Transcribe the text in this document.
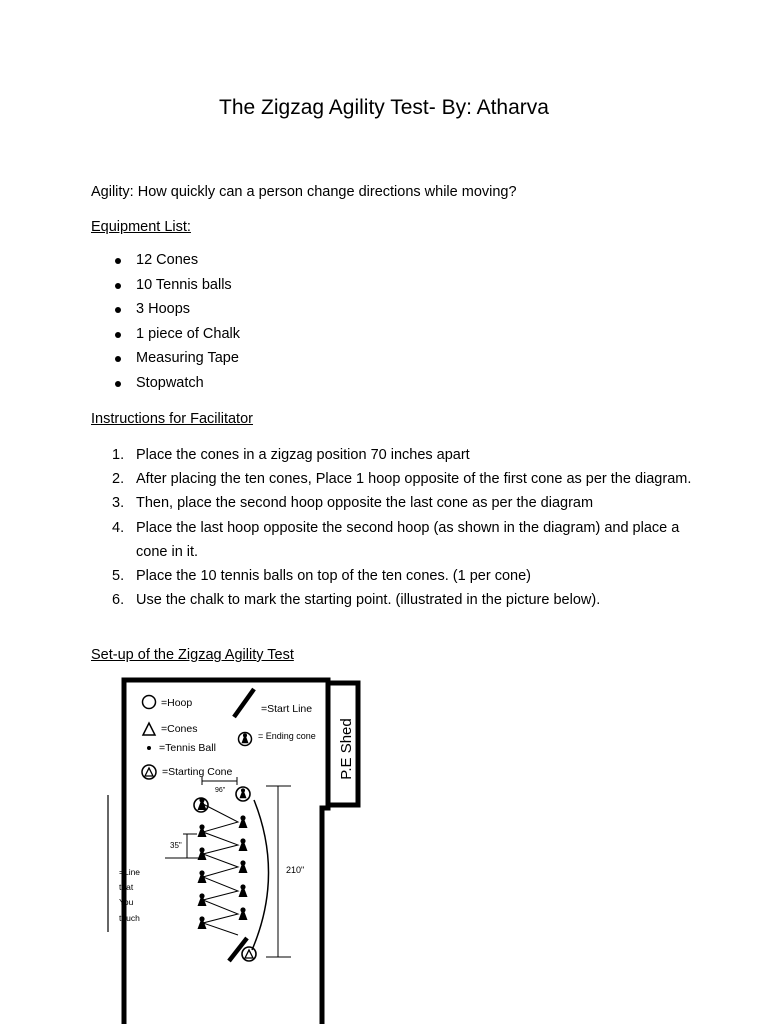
The Zigzag Agility Test- By: Atharva
Agility: How quickly can a person change directions while moving?
Equipment List:
12 Cones
10 Tennis balls
3 Hoops
1 piece of Chalk
Measuring Tape
Stopwatch
Instructions for Facilitator
1. Place the cones in a zigzag position 70 inches apart
2. After placing the ten cones, Place 1 hoop opposite of the first cone as per the diagram.
3. Then, place the second hoop opposite the last cone as per the diagram
4. Place the last hoop opposite the second hoop (as shown in the diagram) and place a cone in it.
5. Place the 10 tennis balls on top of the ten cones. (1 per cone)
6. Use the chalk to mark the starting point. (illustrated in the picture below).
Set-up of the Zigzag Agility Test
P.E Shed
=Hoop
=Cones
=Tennis Ball
=Starting Cone
=Start Line
= Ending cone
96"
35"
210"
=Line
that
You
touch
